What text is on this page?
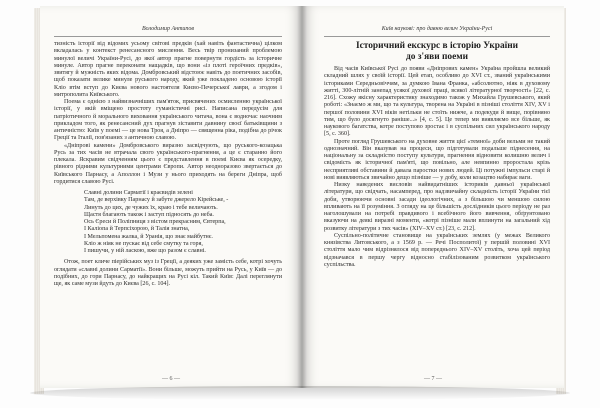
Володимир Антипов

тизність історії від відомих усьому світові предків (хай навіть фантастична) цілком вкладалась у контекст ренесансного мислення. Весь твір пронизаний проблемою минулої величі України-Русі, до якої автор прагне повернути гордість за історичне минуле. Автор прагне переконати нащадків, що вони «із плоті героїчних предків», звитягу й мужність яких відома. Домбровський відстоює навіть до поетичних засобів, щоб показати велике минуле руського народу, який уже покладено основою історії Кліо втім вступ до Києва нового настоятеля Києво-Печерської лаври, а згодом і митрополита Київського.

Поема є однією з найвизначніших пам'яток, присвячених осмисленню української історії, у якій вміщено простоту гуманістичні рисі. Написана передусім для патріотичного й морального виховання українського читача, вона є водночас наочним прикладом того, як ренесансний дух прагнув зіставити давнину своєї батьківщини з античністю: Київ у поемі — це нова Троя, а Дніпро — священна ріка, подібна до річок Греції та Італії, пов'язаних з античною славою.

«Дніпрові камени» Домбровського виразно засвідчують, що руського-козацька Русь за тих часів не втрачала свого українського-прагнення, а це є старанно його плекала. Яскравим свідченням цього є представлення в поемі Києва як осередку, рівного рідними культурними центрами Європи. Автор неодноразово звертається до Київського Парнасу, а Аполлон і Музи у нього приходять на береги Дніпра, щоб гордитися славою Русі.

Славні долини Сарматії і краєвидів зелені
Там, де верхівку Парнасу й забуте джерело Кірейське, -
Линуть до цих, де чужих їх, краю і тебе величають.
Щастя благають також і заступ підносять до неба.
Ось Єреси й Поліпниця з вістом прекрасним, Євтерпа,
І Каліопа й Терпсіхорою, й Талія знатна,
І Мельпомена жалка, й Уранія, що знає майбутнє.
Кліо ж ніяк не пускає від себе смутку та горя,
І пишучи, у ній ласкою, вже що разом є славні.

Отож, поет кличе піерійських муз із Греції, а деяких уже замість себе, котрі хочуть оглядати «славні долини Сарматії». Вони більше, можуть прийти на Русь, у Київ — до подібних, до гори Парнасу, до найкращих на Русі кіл. Такий Київ: Далі переглянути ще, як саме музи йдуть до Києва [26, с. 104].

— 6 —
Київ наукові: про давню велич України-Русі
Історичний екскурс в історію України
до з'яви поеми

Від часів Київської Русі до появи «Дніпрових камен» Україна пройшла великий складний шлях у своїй історії. Цей етап, особливо до XVI ст., званий українськими істориками Середньовіччям, за думкою Івана Франка, «абсолютно, ніяк в духовому житті, 300-літній занепад усякої духової праці, всякої літературної творчості» [22, с. 216]. Схожу якісну характеристику знаходимо також у Михайла Грушевського, який роботі: «Знаємо ж ми, що та культура, творена на Україні в пізніші століття XIV, XV і першої половини XVI віків нетільки не стоїть нижче, а подекуди й вище, порівняно тим, що було досягнуто раніше...» [4, с. 5]. Це тепер ми виявляємо все більше, як наукового багатства, котре поступово зростає і в суспільних сил українського народу [5, с. 360].

Проте погляд Грушевського на духовне життя цієї «темної» доби вельми не такий однозначний. Він вказував на процеси, що підготували подальше піднесення, на національну за складністю поступу культури, прагнення відновити колишню велич і свідомість як історичної пам'яті, що повільно, але невпинно проростала крізь несприятливі обставини й давала паростки нових людей. Ці потужні імпульси старі й нові виявляються звичайно дещо пізніше — у добу, коли козацтво набирає ваги.

Низку наведених висловів найвидатніших істориків давньої української літератури, що свідчать, насамперед, про надзвичайну складність історії України тієї доби, утворюючи основні засади ідеологічних, а з більшою чи меншою силою впливають на її розуміння. З огляду на це більшість дослідників цього періоду не раз наголошували на потребі правдивого і всебічного його вивчення, обґрунтовано вказуючи на деякі виразні моменти, «котрі пізніше мали вплинути на загальний хід розвитку літератури з тих часів» (XIV–XV ст.) [23, с. 212].

Суспільно-політичне становище на українських землях (у межах Великого князівства Литовського, а з 1569 р. — Речі Посполитої) у першій половині XVI століття мало чим відрізнялося від попереднього XIV–XV століть, хоча цей період відзначався в першу чергу відносно стабілізованим розвитком українського суспільства.

— 7 —
